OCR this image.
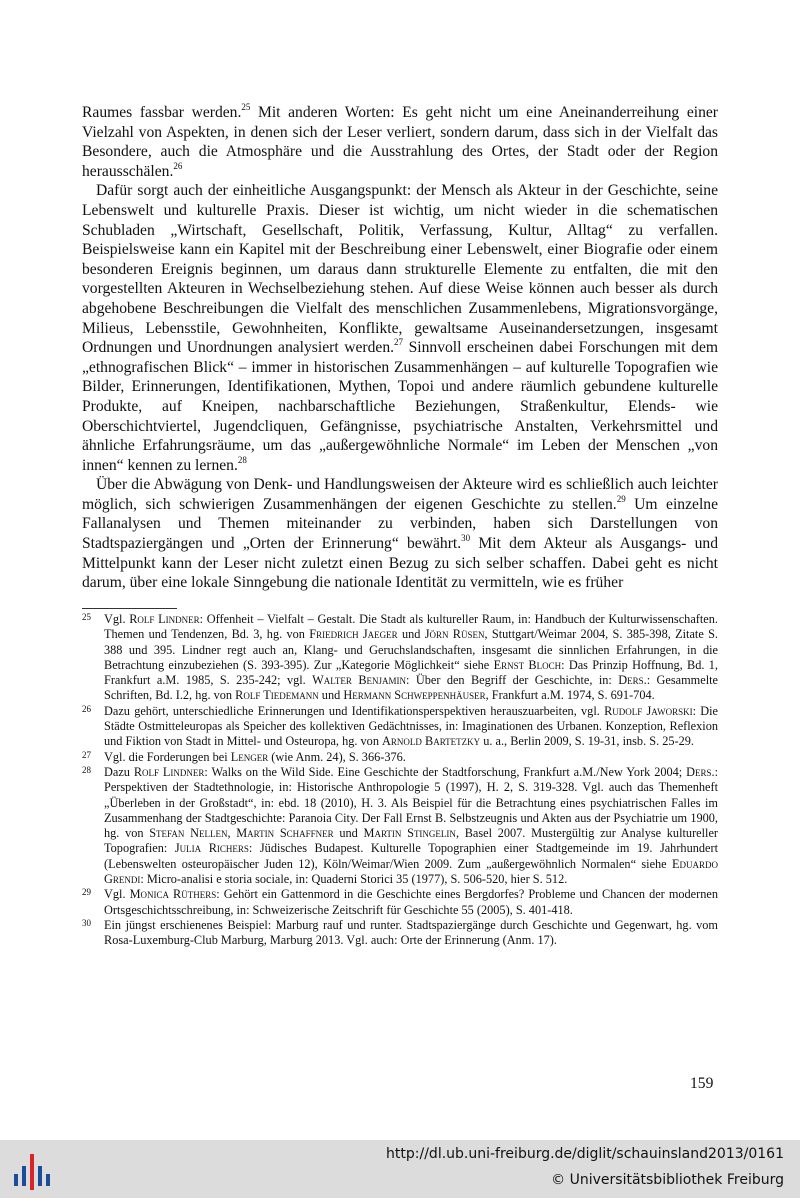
Raumes fassbar werden.$^{25}$ Mit anderen Worten: Es geht nicht um eine Aneinanderreihung einer Vielzahl von Aspekten, in denen sich der Leser verliert, sondern darum, dass sich in der Vielfalt das Besondere, auch die Atmosphäre und die Ausstrahlung des Ortes, der Stadt oder der Region herausschälen.$^{26}$

Dafür sorgt auch der einheitliche Ausgangspunkt: der Mensch als Akteur in der Geschichte, seine Lebenswelt und kulturelle Praxis. Dieser ist wichtig, um nicht wieder in die schematischen Schubladen „Wirtschaft, Gesellschaft, Politik, Verfassung, Kultur, Alltag“ zu verfallen. Beispielsweise kann ein Kapitel mit der Beschreibung einer Lebenswelt, einer Biografie oder einem besonderen Ereignis beginnen, um daraus dann strukturelle Elemente zu entfalten, die mit den vorgestellten Akteuren in Wechselbeziehung stehen. Auf diese Weise können auch besser als durch abgehobene Beschreibungen die Vielfalt des menschlichen Zusammenlebens, Migrationsvorgänge, Milieus, Lebensstile, Gewohnheiten, Konflikte, gewaltsame Auseinandersetzungen, insgesamt Ordnungen und Unordnungen analysiert werden.$^{27}$ Sinnvoll erscheinen dabei Forschungen mit dem „ethnografischen Blick“ – immer in historischen Zusammenhängen – auf kulturelle Topografien wie Bilder, Erinnerungen, Identifikationen, Mythen, Topoi und andere räumlich gebundene kulturelle Produkte, auf Kneipen, nachbarschaftliche Beziehungen, Straßenkultur, Elends- wie Oberschichtviertel, Jugendcliquen, Gefängnisse, psychiatrische Anstalten, Verkehrsmittel und ähnliche Erfahrungsräume, um das „außergewöhnliche Normale“ im Leben der Menschen „von innen“ kennen zu lernen.$^{28}$

Über die Abwägung von Denk- und Handlungsweisen der Akteure wird es schließlich auch leichter möglich, sich schwierigen Zusammenhängen der eigenen Geschichte zu stellen.$^{29}$ Um einzelne Fallanalysen und Themen miteinander zu verbinden, haben sich Darstellungen von Stadtspaziergängen und „Orten der Erinnerung“ bewährt.$^{30}$ Mit dem Akteur als Ausgangs- und Mittelpunkt kann der Leser nicht zuletzt einen Bezug zu sich selber schaffen. Dabei geht es nicht darum, über eine lokale Sinngebung die nationale Identität zu vermitteln, wie es früher

25 Vgl. Rolf Lindner: Offenheit – Vielfalt – Gestalt. Die Stadt als kultureller Raum, in: Handbuch der Kulturwissenschaften. Themen und Tendenzen, Bd. 3, hg. von Friedrich Jaeger und Jörn Rüsen, Stuttgart/Weimar 2004, S. 385-398, Zitate S. 388 und 395. Lindner regt auch an, Klang- und Geruchslandschaften, insgesamt die sinnlichen Erfahrungen, in die Betrachtung einzubeziehen (S. 393-395). Zur „Kategorie Möglichkeit“ siehe Ernst Bloch: Das Prinzip Hoffnung, Bd. 1, Frankfurt a.M. 1985, S. 235-242; vgl. Walter Benjamin: Über den Begriff der Geschichte, in: Ders.: Gesammelte Schriften, Bd. I.2, hg. von Rolf Tiedemann und Hermann Schweppenhäuser, Frankfurt a.M. 1974, S. 691-704.

26 Dazu gehört, unterschiedliche Erinnerungen und Identifikationsperspektiven herauszuarbeiten, vgl. Rudolf Jaworski: Die Städte Ostmitteleuropas als Speicher des kollektiven Gedächtnisses, in: Imaginationen des Urbanen. Konzeption, Reflexion und Fiktion von Stadt in Mittel- und Osteuropa, hg. von Arnold Bartetzky u. a., Berlin 2009, S. 19-31, insb. S. 25-29.

27 Vgl. die Forderungen bei Lenger (wie Anm. 24), S. 366-376.

28 Dazu Rolf Lindner: Walks on the Wild Side. Eine Geschichte der Stadtforschung, Frankfurt a.M./New York 2004; Ders.: Perspektiven der Stadtethnologie, in: Historische Anthropologie 5 (1997), H. 2, S. 319-328. Vgl. auch das Themenheft „Überleben in der Großstadt“, in: ebd. 18 (2010), H. 3. Als Beispiel für die Betrachtung eines psychiatrischen Falles im Zusammenhang der Stadtgeschichte: Paranoia City. Der Fall Ernst B. Selbstzeugnis und Akten aus der Psychiatrie um 1900, hg. von Stefan Nellen, Martin Schaffner und Martin Stingelin, Basel 2007. Mustergültig zur Analyse kultureller Topografien: Julia Richers: Jüdisches Budapest. Kulturelle Topographien einer Stadtgemeinde im 19. Jahrhundert (Lebenswelten osteuropäischer Juden 12), Köln/Weimar/Wien 2009. Zum „außergewöhnlich Normalen“ siehe Eduardo Grendi: Micro-analisi e storia sociale, in: Quaderni Storici 35 (1977), S. 506-520, hier S. 512.

29 Vgl. Monica Rüthers: Gehört ein Gattenmord in die Geschichte eines Bergdorfes? Probleme und Chancen der modernen Ortsgeschichtsschreibung, in: Schweizerische Zeitschrift für Geschichte 55 (2005), S. 401-418.

30 Ein jüngst erschienenes Beispiel: Marburg rauf und runter. Stadtspaziergänge durch Geschichte und Gegenwart, hg. vom Rosa-Luxemburg-Club Marburg, Marburg 2013. Vgl. auch: Orte der Erinnerung (Anm. 17).

159
http://dl.ub.uni-freiburg.de/diglit/schauinsland2013/0161
© Universitätsbibliothek Freiburg
